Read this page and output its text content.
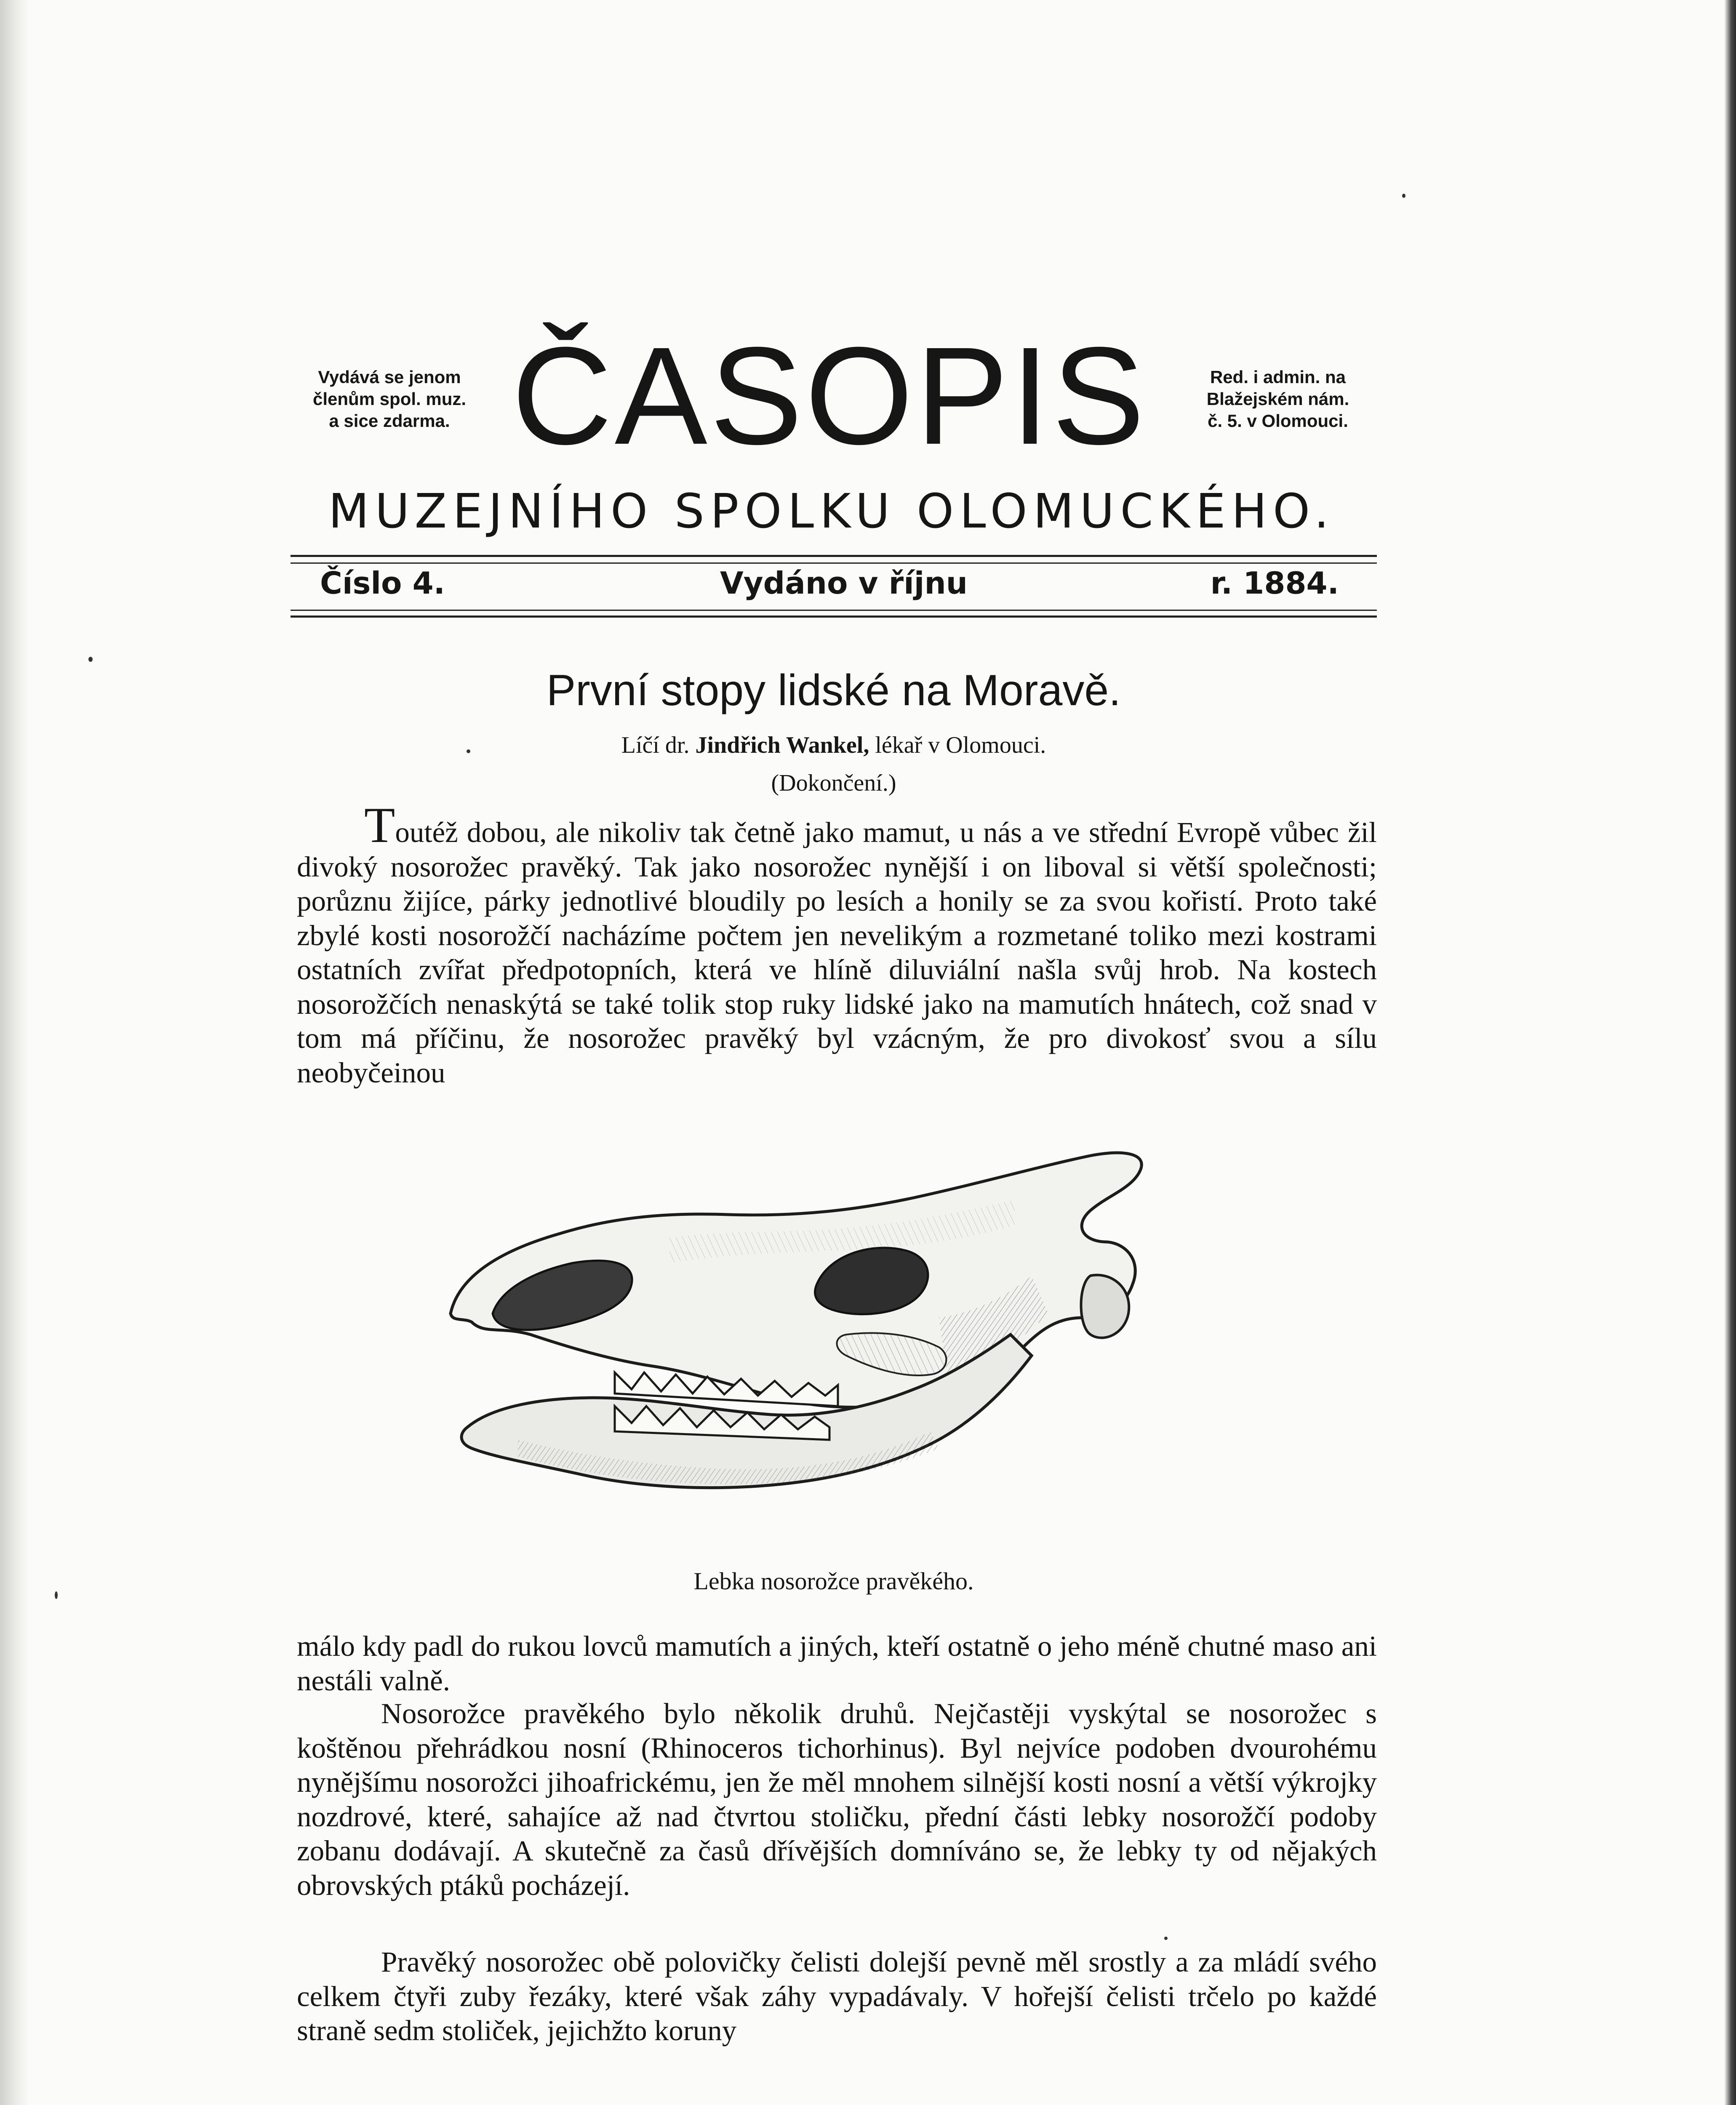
Vydává se jenom
členům spol. muz.
a sice zdarma. ČASOPIS	Red. i admin. na
Blažejském nám.
č. 5. v Olomouci.
MUZEJNÍHO SPOLKU OLOMUCKÉHO.
Číslo 4.	Vydáno v říjnu	r. 1884.
První stopy lidské na Moravě.
Líčí dr. Jindřich Wankel, lékař v Olomouci.
(Dokončení.)

Toutéž dobou, ale nikoliv tak četně jako mamut, u nás a ve střední Evropě vůbec žil divoký nosorožec pravěký. Tak jako nosorožec nynější i on liboval si větší společnosti; porůznu žijíce, párky jednotlivé bloudily po lesích a honily se za svou kořistí. Proto také zbylé kosti nosorožčí nacházíme počtem jen nevelikým a rozmetané toliko mezi kostrami ostatních zvířat předpotopních, která ve hlíně diluviální našla svůj hrob. Na kostech nosorožčích nenaskýtá se také tolik stop ruky lidské jako na mamutích hnátech, což snad v tom má příčinu, že nosorožec pravěký byl vzácným, že pro divokosť svou a sílu neobyčeinou

Lebka nosorožce pravěkého.

málo kdy padl do rukou lovců mamutích a jiných, kteří ostatně o jeho méně chutné maso ani nestáli valně.

Nosorožce pravěkého bylo několik druhů. Nejčastěji vyskýtal se nosorožec s koštěnou přehrádkou nosní (Rhinoceros tichorhinus). Byl nejvíce podoben dvourohému nynějšímu nosorožci jihoafrickému, jen že měl mnohem silnější kosti nosní a větší výkrojky nozdrové, které, sahajíce až nad čtvrtou stoličku, přední části lebky nosorožčí podoby zobanu dodávají. A skutečně za časů dřívějších domníváno se, že lebky ty od nějakých obrovských ptáků pocházejí.

Pravěký nosorožec obě polovičky čelisti dolejší pevně měl srostly a za mládí svého celkem čtyři zuby řezáky, které však záhy vypadávaly. V hořejší čelisti trčelo po každé straně sedm stoliček, jejichžto koruny
